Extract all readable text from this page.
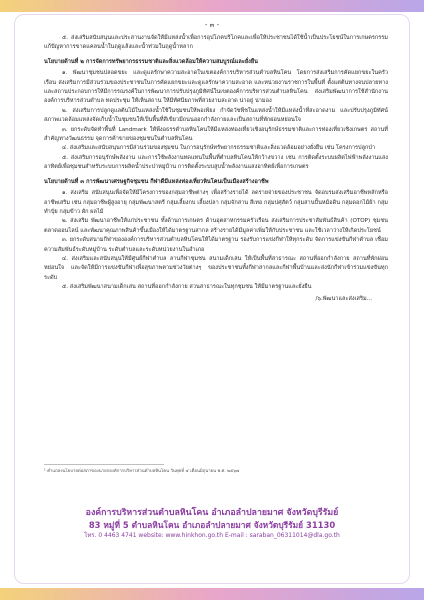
- ๓ -

๕. ส่งเสริมสนับสนุนและประสานงานจัดให้มีแหล่งน้ำเพื่อการอุปโภคบริโภคและเพื่อให้ประชาชนได้ใช้น้ำเป็นประโยชน์ในการเกษตรกรรมแก้ปัญหาการขาดแคลนน้ำในฤดูแล้งและน้ำท่วมในฤดูน้ำหลาก

นโยบายด้านที่ ๒ การจัดการทรัพยากรธรรมชาติและสิ่งแวดล้อมให้ความสมบูรณ์และยั่งยืน

๑. พัฒนาชุมชนปลอดขยะ และดูแลรักษาความสะอาดในเขตองค์การบริหารส่วนตำบลหินโคน โดยการส่งเสริมการคัดแยกขยะในครัวเรือน ส่งเสริมการมีส่วนร่วมของประชาชนในการคัดแยกขยะและดูแลรักษาความสะอาด และหน่วยงานราชการในพื้นที่ ตั้งแต่ต้นทางจนปลายทางและสถานประกอบการให้มีการรณรงค์ในการพัฒนาการปรับปรุงภูมิทัศน์ในเขตองค์การบริหารส่วนตำบลหินโคน ส่งเสริมพัฒนาการใช้สำนักงานองค์การบริหารส่วนตำบล ทดประชุม ให้เห็นสถาน ให้มีทัศนียภาพที่สวยงามสะอาด น่าอยู่ น่ามอง

๒. ส่งเสริมการปลูกดูแลต้นไม้ในแหล่งน้ำใช้ในชุมชนให้พอเพียง กำจัดวัชพืชในแหล่งน้ำให้มีแหล่งน้ำที่สะอาดงาม และปรับปรุงภูมิทัศน์สภาพแวดล้อมแหล่งจัดเก็บน้ำในชุมชนให้เป็นพื้นที่สีเขียวมีถนนออกกำลังกายและเป็นสถานที่พักผ่อนหย่อนใจ

๓. ยกระดับจัดทำพื้นที่ Landmark ให้พึงอธรรตำบลหินโคนให้มีแหล่งท่องเที่ยวเชิงอนุรักษ์ธรรมชาติและการท่องเที่ยวเชิงเกษตร สถานที่สำคัญทางวัฒนธรรม จุดการค้าขายของชุมชนในตำบลหินโคน

๔. ส่งเสริมและสนับสนุนการมีส่วนร่วมของชุมชน ในการอนุรักษ์ทรัพยากรธรรมชาติและสิ่งแวดล้อมอย่างยั่งยืน เช่น โครงการปลูกป่า

๕. ส่งเสริมการอนุรักษ์พลังงาน และการใช้พลังงานทดแทนในพื้นที่ตำบลหินโคนให้กว้างขวาง เช่น การติดตั้งระบบผลิตไฟฟ้าพลังงานแสงอาทิตย์เพื่อชุมชนสำหรับระบบการผลิตน้ำประปาหมู่บ้าน การติดตั้งระบบสูบน้ำพลังงานแสงอาทิตย์เพื่อการเกษตร

นโยบายด้านที่ ๓ การพัฒนาเศรษฐกิจชุมชน กีฬาดีมีแหล่งท่องเที่ยวหินโคนเป็นเมืองสร้างอาชีพ

๑. ส่งเสริม สนับสนุนเพื่อจัดให้มีโครงการของกลุ่มอาชีพต่างๆ เพื่อสร้างรายได้ ลดรายจ่ายของประชาชน จัดอบรมส่งเสริมอาชีพหลักหรืออาชีพเสริม เช่น กลุ่มอาชีพผู้สูงอายุ กลุ่มพัฒนาสตรี กลุ่มเลี้ยงกบ เลี้ยงปลา กลุ่มจักสาน สีเทอ กลุ่มปศุสัตว์ กลุ่มสานปั้นหม้อดิน กลุ่มดอกไม้ผ้า กลุ่มทำปุ๋ย กลุ่มข้าว ผัก ผลไม้

๒. ส่งเสริม พัฒนาอาชีพให้แก่ประชาชน ทั้งด้านการเกษตร ด้านอุตสาหกรรมครัวเรือน ส่งเสริมการประชาสัมพันธ์สินค้า (OTOP) ชุมชน ตลาดออนไลน์ และพัฒนาคุณภาพสินค้าขึ้นเมืองให้ได้มาตรฐานสากล สร้างรายได้มีมูลค่าเพิ่มให้กับประชาชน และใช้เวลาว่างให้เกิดประโยชน์

๓. ยกระดับสนามกีฬาขององค์การบริหารส่วนตำบลหินโคนให้ได้มาตรฐาน รองรับการแข่งกีฬาให้ทุกระดับ จัดการแข่งขันกีฬาตำบล เชื่อมความสัมพันธ์ระดับหมู่บ้าน ระดับตำบลและระดับหน่วยงานในอำเภอ

๔. ส่งเสริมและสนับสนุนให้มีศูนย์กีฬาตำบล ลานกีฬาชุมชน สนามเด็กเล่น ให้เป็นพื้นที่สาธารณะ สถานที่ออกกำลังกาย สถานที่พักผ่อนหย่อนใจ และจัดให้มีการแข่งขันกีฬาเพื่อสุขภาพตามช่วงวัยต่างๆ ของประชาชนทั้งกีฬาสากลและกีฬาพื้นบ้านและส่งนักกีฬาเข้าร่วมแข่งขันทุกระดับ

๕. ส่งเสริมพัฒนาสนามเด็กเล่น สถานที่ออกกำลังกาย สวนสาธารณะในทุกชุมชน ให้มีมาตรฐานและยั่งยืน

/๖.พัฒนาและส่งเสริม...

¹ คำแถลงนโยบายต่อสภาของนายกองค์การบริหารส่วนตำบลหินโคน วันพุธที่ ๔ เดือนมิถุนายน พ.ศ. ๒๕๖๗
องค์การบริหารส่วนตำบลหินโคน อำเภอลำปลายมาศ จังหวัดบุรีรัมย์
83 หมู่ที่ 5 ตำบลหินโคน อำเภอลำปลายมาศ จังหวัดบุรีรัมย์ 31130
โทร. 0 4463 4741 website: www.hinkhon.go.th E-mail : saraban_06311014@dla.go.th
